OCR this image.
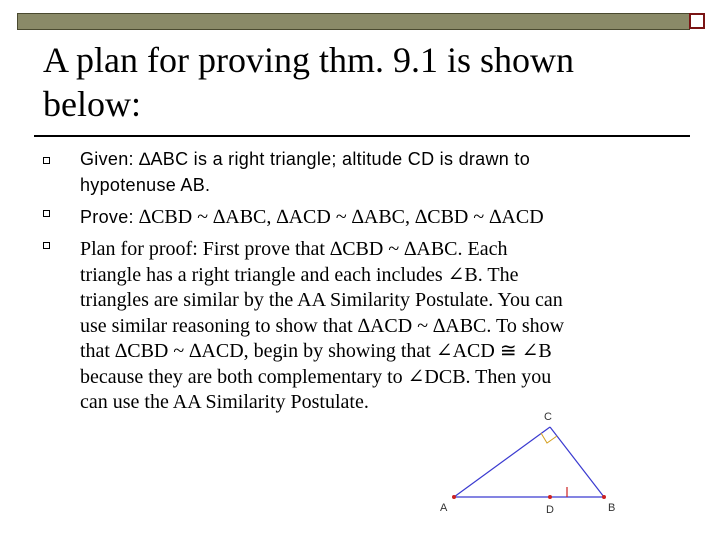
A plan for proving thm. 9.1 is shown
below:
Given: ∆ABC is a right triangle; altitude CD is drawn to
hypotenuse AB.
Prove: ∆CBD ~ ∆ABC, ∆ACD ~ ∆ABC, ∆CBD ~ ∆ACD
Plan for proof: First prove that ∆CBD ~ ∆ABC. Each
triangle has a right triangle and each includes ∠B. The
triangles are similar by the AA Similarity Postulate. You can
use similar reasoning to show that ∆ACD ~ ∆ABC. To show
that ∆CBD ~ ∆ACD, begin by showing that ∠ACD ≅ ∠B
because they are both complementary to ∠DCB. Then you
can use the AA Similarity Postulate.
C
A	D	B
